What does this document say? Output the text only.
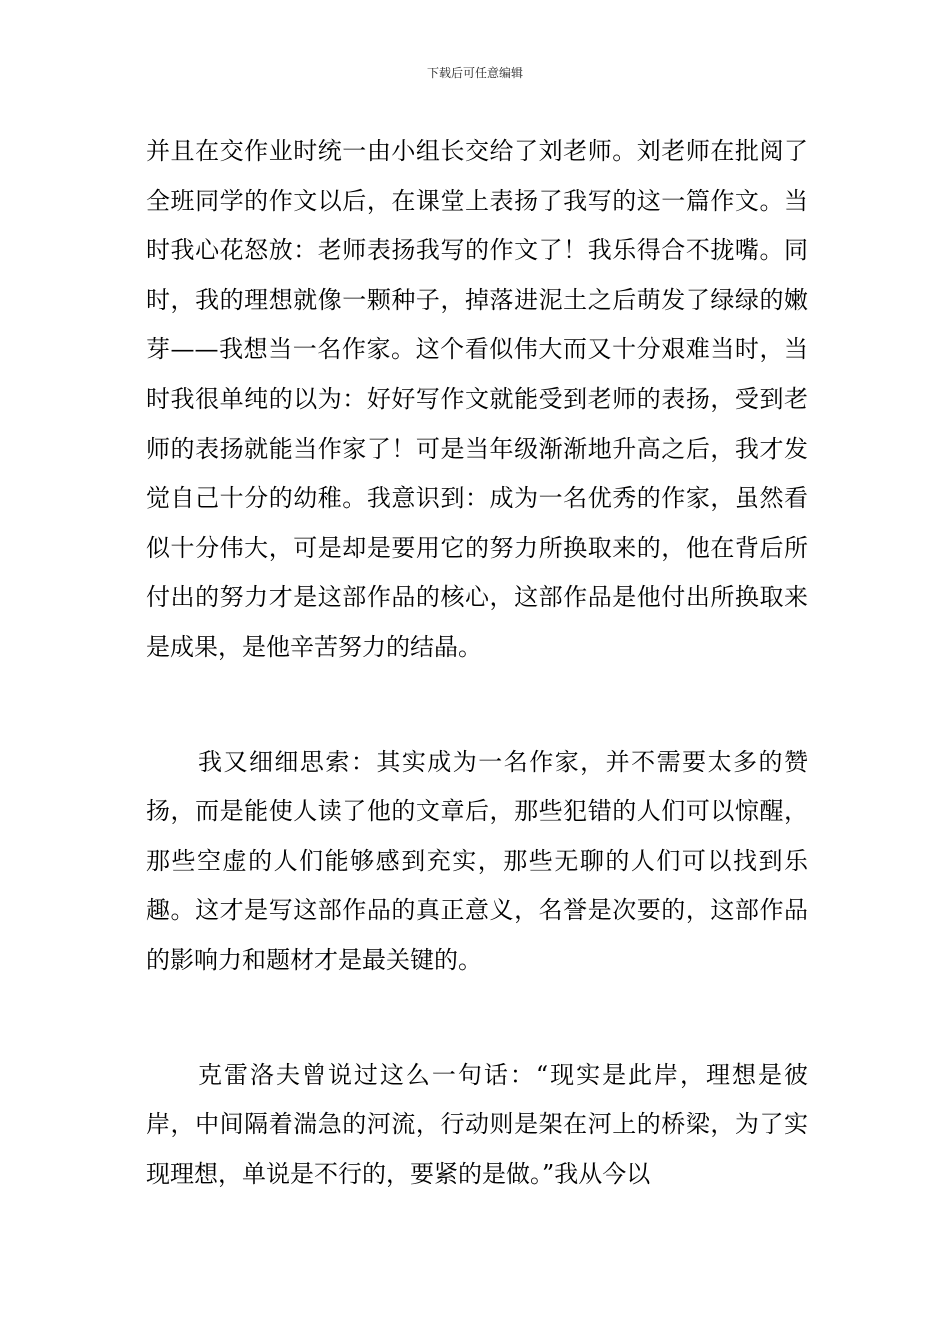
下载后可任意编辑

并且在交作业时统一由小组长交给了刘老师。刘老师在批阅了全班同学的作文以后，在课堂上表扬了我写的这一篇作文。当时我心花怒放：老师表扬我写的作文了！我乐得合不拢嘴。同时，我的理想就像一颗种子，掉落进泥土之后萌发了绿绿的嫩芽——我想当一名作家。这个看似伟大而又十分艰难当时，当时我很单纯的以为：好好写作文就能受到老师的表扬，受到老师的表扬就能当作家了！可是当年级渐渐地升高之后，我才发觉自己十分的幼稚。我意识到：成为一名优秀的作家，虽然看似十分伟大，可是却是要用它的努力所换取来的，他在背后所付出的努力才是这部作品的核心，这部作品是他付出所换取来是成果，是他辛苦努力的结晶。

我又细细思索：其实成为一名作家，并不需要太多的赞扬，而是能使人读了他的文章后，那些犯错的人们可以惊醒，那些空虚的人们能够感到充实，那些无聊的人们可以找到乐趣。这才是写这部作品的真正意义，名誉是次要的，这部作品的影响力和题材才是最关键的。

克雷洛夫曾说过这么一句话：“现实是此岸，理想是彼岸，中间隔着湍急的河流，行动则是架在河上的桥梁，为了实现理想，单说是不行的，要紧的是做。”我从今以
